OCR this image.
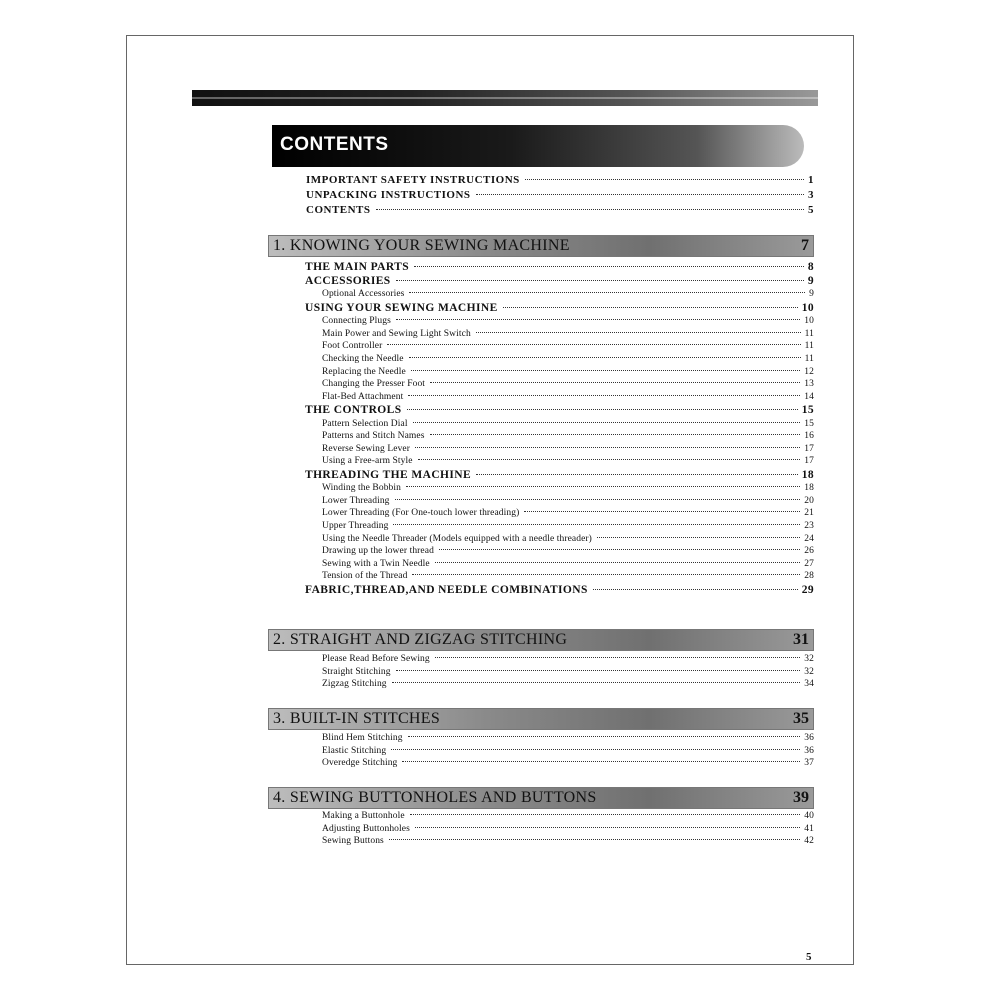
CONTENTS
IMPORTANT SAFETY INSTRUCTIONS	1
UNPACKING INSTRUCTIONS	3
CONTENTS	5
1. KNOWING YOUR SEWING MACHINE	7
THE MAIN PARTS	8
ACCESSORIES	9
Optional Accessories	9
USING YOUR SEWING MACHINE	10
Connecting Plugs	10
Main Power and Sewing Light Switch	11
Foot Controller	11
Checking the Needle	11
Replacing the Needle	12
Changing the Presser Foot	13
Flat-Bed Attachment	14
THE CONTROLS	15
Pattern Selection Dial	15
Patterns and Stitch Names	16
Reverse Sewing Lever	17
Using a Free-arm Style	17
THREADING THE MACHINE	18
Winding the Bobbin	18
Lower Threading	20
Lower Threading (For One-touch lower threading)	21
Upper Threading	23
Using the Needle Threader (Models equipped with a needle threader)	24
Drawing up the lower thread	26
Sewing with a Twin Needle	27
Tension of the Thread	28
FABRIC,THREAD,AND NEEDLE COMBINATIONS	29
2. STRAIGHT AND ZIGZAG STITCHING	31
Please Read Before Sewing	32
Straight Stitching	32
Zigzag Stitching	34
3. BUILT-IN STITCHES	35
Blind Hem Stitching	36
Elastic Stitching	36
Overedge Stitching	37
4. SEWING BUTTONHOLES AND BUTTONS	39
Making a Buttonhole	40
Adjusting Buttonholes	41
Sewing Buttons	42
5
